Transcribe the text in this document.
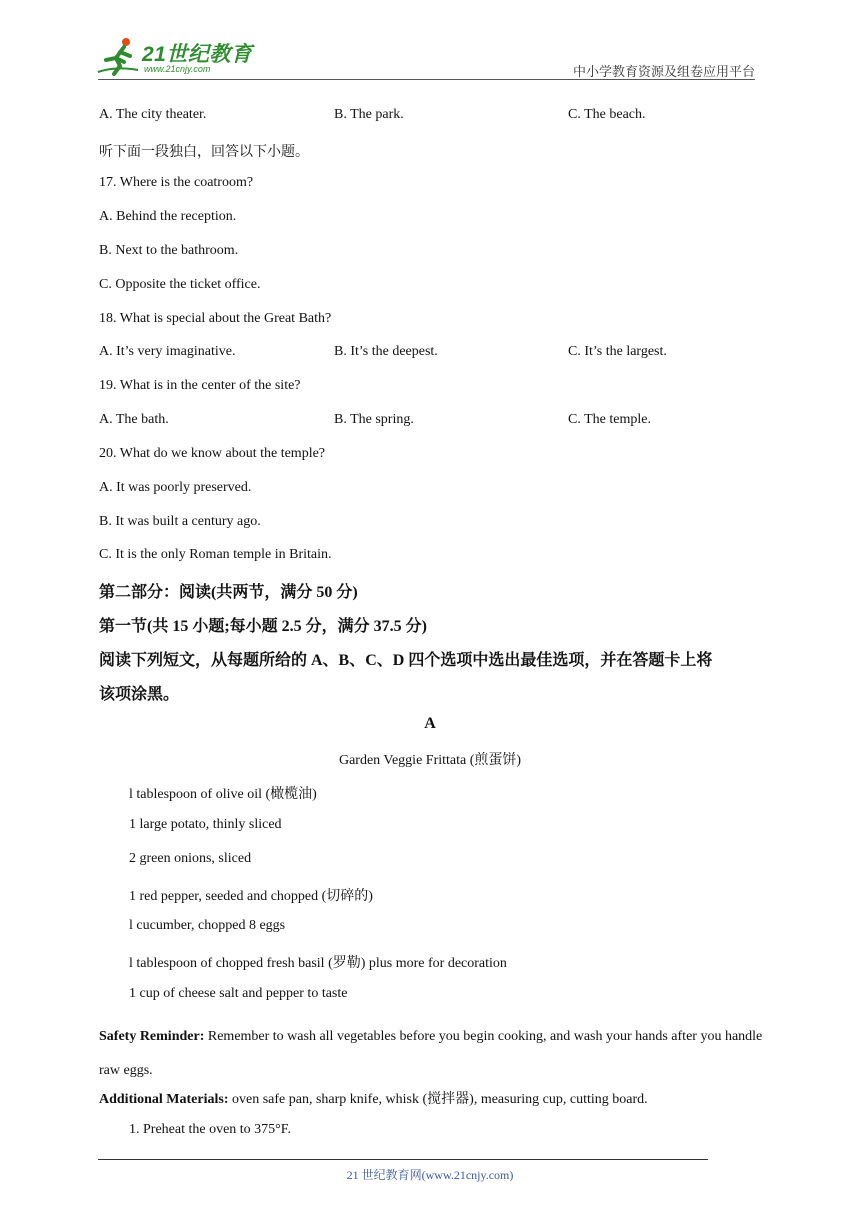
21世纪教育
www.21cnjy.com	中小学教育资源及组卷应用平台
A. The city theater.	B. The park.	C. The beach.
听下面一段独白，回答以下小题。
17. Where is the coatroom?
A. Behind the reception.
B. Next to the bathroom.
C. Opposite the ticket office.
18. What is special about the Great Bath?
A. It’s very imaginative.	B. It’s the deepest.	C. It’s the largest.
19. What is in the center of the site?
A. The bath.	B. The spring.	C. The temple.
20. What do we know about the temple?
A. It was poorly preserved.
B. It was built a century ago.
C. It is the only Roman temple in Britain.
第二部分：阅读(共两节，满分 50 分)
第一节(共 15 小题;每小题 2.5 分，满分 37.5 分)
阅读下列短文，从每题所给的 A、B、C、D 四个选项中选出最佳选项，并在答题卡上将
该项涂黑。
A
Garden Veggie Frittata (煎蛋饼)
l tablespoon of olive oil (橄榄油)
1 large potato, thinly sliced
2 green onions, sliced
1 red pepper, seeded and chopped (切碎的)
l cucumber, chopped 8 eggs
l tablespoon of chopped fresh basil (罗勒) plus more for decoration
1 cup of cheese salt and pepper to taste
Safety Reminder: Remember to wash all vegetables before you begin cooking, and wash your hands after you handle raw eggs.
Additional Materials: oven safe pan, sharp knife, whisk (搅拌器), measuring cup, cutting board.
1. Preheat the oven to 375°F.
21 世纪教育网(www.21cnjy.com)
